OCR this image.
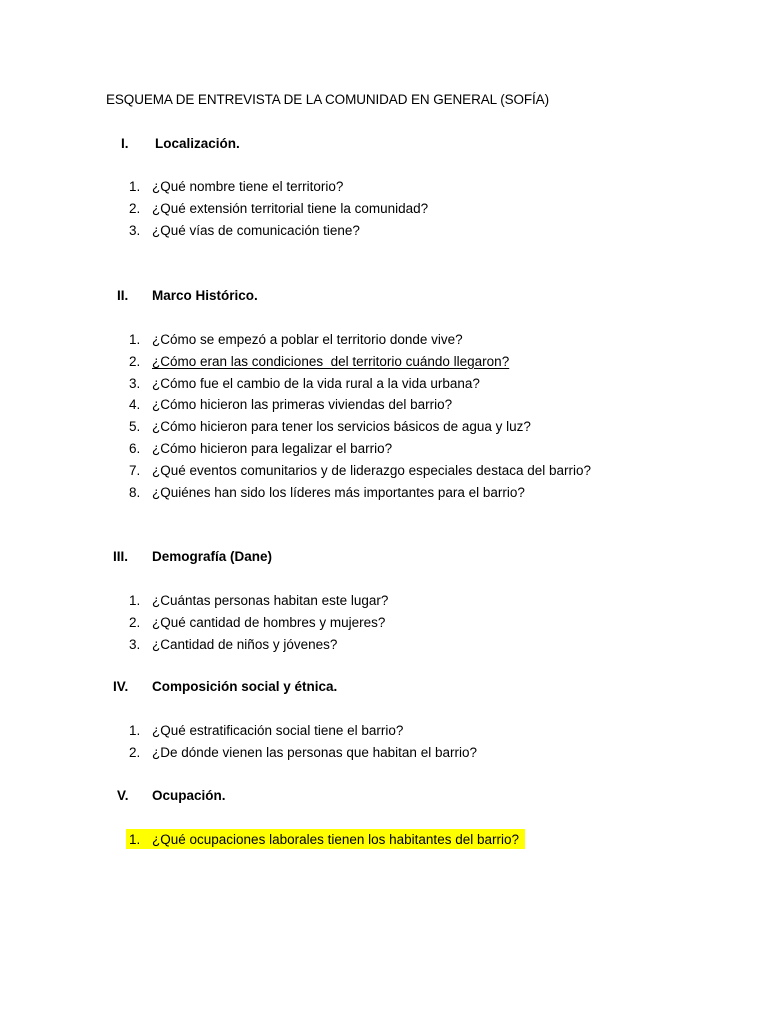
ESQUEMA DE ENTREVISTA DE LA COMUNIDAD EN GENERAL (SOFÍA)
I. Localización.
1. ¿Qué nombre tiene el territorio?
2. ¿Qué extensión territorial tiene la comunidad?
3. ¿Qué vías de comunicación tiene?
II. Marco Histórico.
1. ¿Cómo se empezó a poblar el territorio donde vive?
2. ¿Cómo eran las condiciones  del territorio cuándo llegaron?
3. ¿Cómo fue el cambio de la vida rural a la vida urbana?
4. ¿Cómo hicieron las primeras viviendas del barrio?
5. ¿Cómo hicieron para tener los servicios básicos de agua y luz?
6. ¿Cómo hicieron para legalizar el barrio?
7. ¿Qué eventos comunitarios y de liderazgo especiales destaca del barrio?
8. ¿Quiénes han sido los líderes más importantes para el barrio?
III. Demografía (Dane)
1. ¿Cuántas personas habitan este lugar?
2. ¿Qué cantidad de hombres y mujeres?
3. ¿Cantidad de niños y jóvenes?
IV. Composición social y étnica.
1. ¿Qué estratificación social tiene el barrio?
2. ¿De dónde vienen las personas que habitan el barrio?
V. Ocupación.
1. ¿Qué ocupaciones laborales tienen los habitantes del barrio?
